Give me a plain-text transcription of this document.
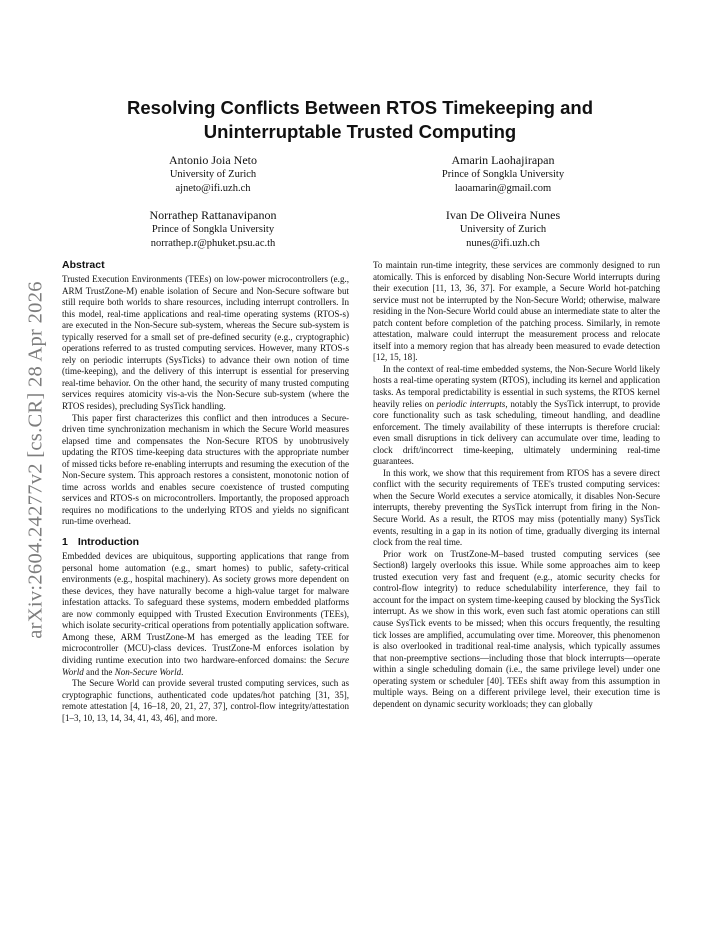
arXiv:2604.24277v2 [cs.CR] 28 Apr 2026
Resolving Conflicts Between RTOS Timekeeping and
Uninterruptable Trusted Computing
Antonio Joia Neto
University of Zurich
ajneto@ifi.uzh.ch
Amarin Laohajirapan
Prince of Songkla University
laoamarin@gmail.com
Norrathep Rattanavipanon
Prince of Songkla University
norrathep.r@phuket.psu.ac.th
Ivan De Oliveira Nunes
University of Zurich
nunes@ifi.uzh.ch
Abstract

Trusted Execution Environments (TEEs) on low-power microcontrollers (e.g., ARM TrustZone-M) enable isolation of Secure and Non-Secure software but still require both worlds to share resources, including interrupt controllers. In this model, real-time applications and real-time operating systems (RTOS-s) are executed in the Non-Secure sub-system, whereas the Secure sub-system is typically reserved for a small set of pre-defined security (e.g., cryptographic) operations referred to as trusted computing services. However, many RTOS-s rely on periodic interrupts (SysTicks) to advance their own notion of time (time-keeping), and the delivery of this interrupt is essential for preserving real-time behavior. On the other hand, the security of many trusted computing services requires atomicity vis-a-vis the Non-Secure sub-system (where the RTOS resides), precluding SysTick handling.

This paper first characterizes this conflict and then introduces a Secure-driven time synchronization mechanism in which the Secure World measures elapsed time and compensates the Non-Secure RTOS by unobtrusively updating the RTOS time-keeping data structures with the appropriate number of missed ticks before re-enabling interrupts and resuming the execution of the Non-Secure system. This approach restores a consistent, monotonic notion of time across worlds and enables secure coexistence of trusted computing services and RTOS-s on microcontrollers. Importantly, the proposed approach requires no modifications to the underlying RTOS and yields no significant run-time overhead.

1 Introduction

Embedded devices are ubiquitous, supporting applications that range from personal home automation (e.g., smart homes) to public, safety-critical environments (e.g., hospital machinery). As society grows more dependent on these devices, they have naturally become a high-value target for malware infestation attacks. To safeguard these systems, modern embedded platforms are now commonly equipped with Trusted Execution Environments (TEEs), which isolate security-critical operations from potentially application software. Among these, ARM TrustZone-M has emerged as the leading TEE for microcontroller (MCU)-class devices. TrustZone-M enforces isolation by dividing runtime execution into two hardware-enforced domains: the Secure World and the Non-Secure World.

The Secure World can provide several trusted computing services, such as cryptographic functions, authenticated code updates/hot patching [31, 35], remote attestation [4, 16–18, 20, 21, 27, 37], control-flow integrity/attestation [1–3, 10, 13, 14, 34, 41, 43, 46], and more.

To maintain run-time integrity, these services are commonly designed to run atomically. This is enforced by disabling Non-Secure World interrupts during their execution [11, 13, 36, 37]. For example, a Secure World hot-patching service must not be interrupted by the Non-Secure World; otherwise, malware residing in the Non-Secure World could abuse an intermediate state to alter the patch content before completion of the patching process. Similarly, in remote attestation, malware could interrupt the measurement process and relocate itself into a memory region that has already been measured to evade detection [12, 15, 18].

In the context of real-time embedded systems, the Non-Secure World likely hosts a real-time operating system (RTOS), including its kernel and application tasks. As temporal predictability is essential in such systems, the RTOS kernel heavily relies on periodic interrupts, notably the SysTick interrupt, to provide core functionality such as task scheduling, timeout handling, and deadline enforcement. The timely availability of these interrupts is therefore crucial: even small disruptions in tick delivery can accumulate over time, leading to clock drift/incorrect time-keeping, ultimately undermining real-time guarantees.

In this work, we show that this requirement from RTOS has a severe direct conflict with the security requirements of TEE's trusted computing services: when the Secure World executes a service atomically, it disables Non-Secure interrupts, thereby preventing the SysTick interrupt from firing in the Non-Secure World. As a result, the RTOS may miss (potentially many) SysTick events, resulting in a gap in its notion of time, gradually diverging its internal clock from the real time.

Prior work on TrustZone-M–based trusted computing services (see Section8) largely overlooks this issue. While some approaches aim to keep trusted execution very fast and frequent (e.g., atomic security checks for control-flow integrity) to reduce schedulability interference, they fail to account for the impact on system time-keeping caused by blocking the SysTick interrupt. As we show in this work, even such fast atomic operations can still cause SysTick events to be missed; when this occurs frequently, the resulting tick losses are amplified, accumulating over time. Moreover, this phenomenon is also overlooked in traditional real-time analysis, which typically assumes that non-preemptive sections—including those that block interrupts—operate within a single scheduling domain (i.e., the same privilege level) under one operating system or scheduler [40]. TEEs shift away from this assumption in multiple ways. Being on a different privilege level, their execution time is dependent on dynamic security workloads; they can globally
